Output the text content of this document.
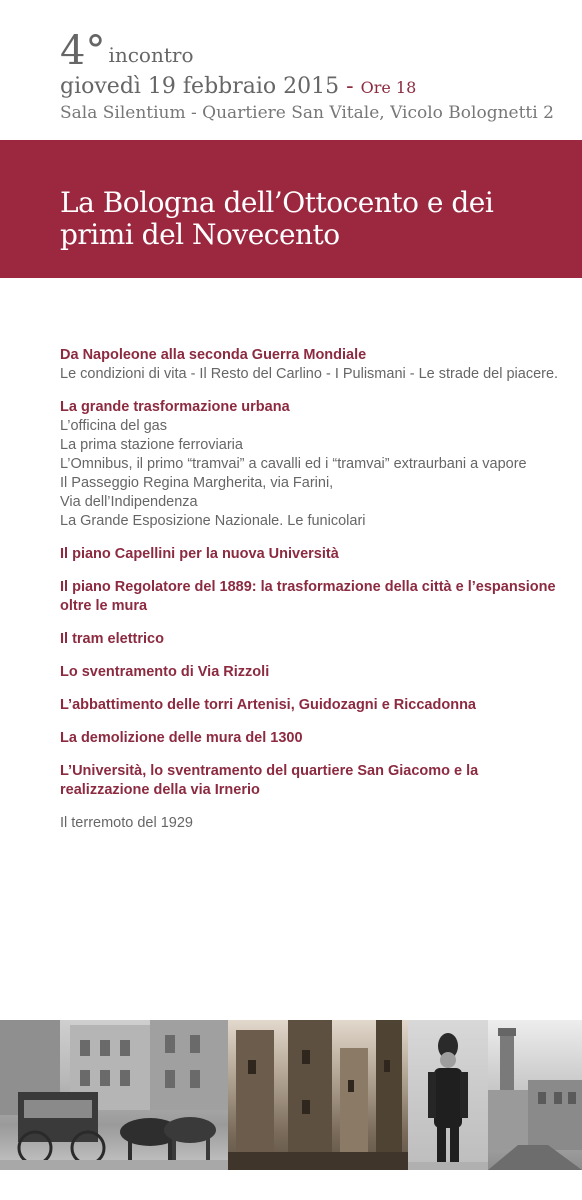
4° incontro
giovedì 19 febbraio 2015 - Ore 18
Sala Silentium - Quartiere San Vitale, Vicolo Bolognetti 2
La Bologna dell’Ottocento e dei
primi del Novecento
Da Napoleone alla seconda Guerra Mondiale
Le condizioni di vita - Il Resto del Carlino - I Pulismani - Le strade del piacere.
La grande trasformazione urbana
L’officina del gas
La prima stazione ferroviaria
L’Omnibus, il primo “tramvai” a cavalli ed i “tramvai” extraurbani a vapore
Il Passeggio Regina Margherita, via Farini,
Via dell’Indipendenza
La Grande Esposizione Nazionale. Le funicolari
Il piano Capellini per la nuova Università
Il piano Regolatore del 1889: la trasformazione della città e l’espansione oltre le mura
Il tram elettrico
Lo sventramento di Via Rizzoli
L’abbattimento delle torri Artenisi, Guidozagni e Riccadonna
La demolizione delle mura del 1300
L’Università, lo sventramento del quartiere San Giacomo e la realizzazione della via Irnerio
Il terremoto del 1929
